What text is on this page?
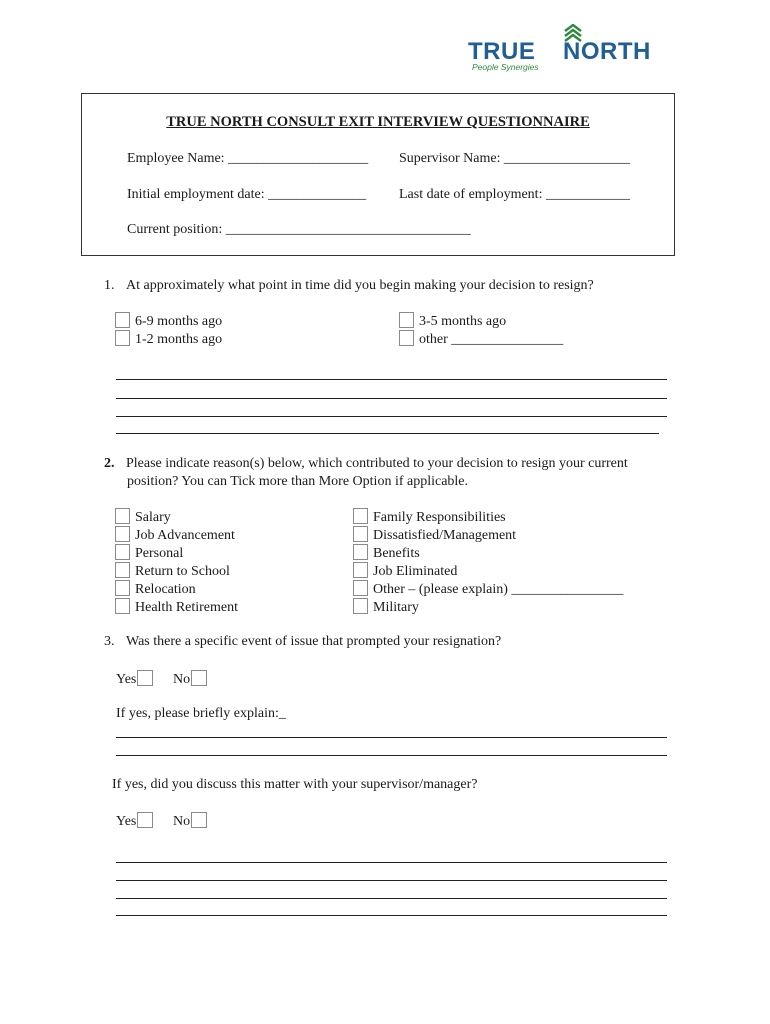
TRUE NORTH
People Synergies
TRUE NORTH CONSULT EXIT INTERVIEW QUESTIONNAIRE
Employee Name: ____________________ Supervisor Name: __________________
Initial employment date: ______________ Last date of employment: ____________
Current position: ___________________________________
1. At approximately what point in time did you begin making your decision to resign?
6-9 months ago
1-2 months ago
3-5 months ago
other ________________
2. Please indicate reason(s) below, which contributed to your decision to resign your current
position? You can Tick more than More Option if applicable.
Salary
Job Advancement
Personal
Return to School
Relocation
Health Retirement
Family Responsibilities
Dissatisfied/Management
Benefits
Job Eliminated
Other – (please explain) ________________
Military
3. Was there a specific event of issue that prompted your resignation?
Yes	No
If yes, please briefly explain:_
If yes, did you discuss this matter with your supervisor/manager?
Yes	No
